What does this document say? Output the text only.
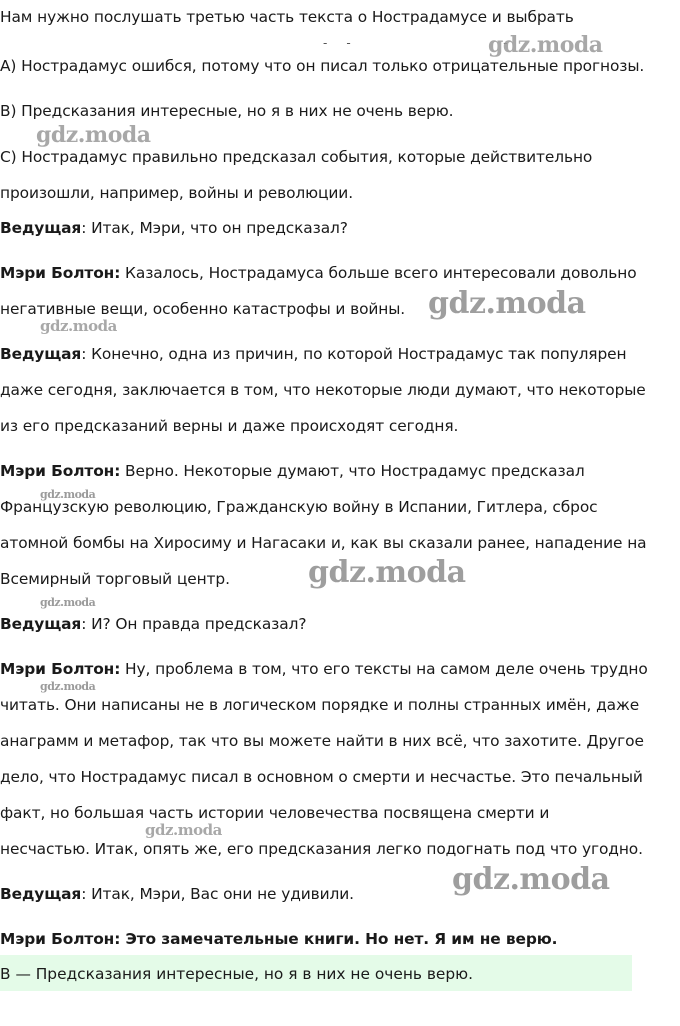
Нам нужно послушать третью часть текста о Нострадамусе и выбрать
-     -                                        -
A) Нострадамус ошибся, потому что он писал только отрицательные прогнозы.
B) Предсказания интересные, но я в них не очень верю.
C) Нострадамус правильно предсказал события, которые действительно
произошли, например, войны и революции.
Ведущая: Итак, Мэри, что он предсказал?
Мэри Болтон: Казалось, Нострадамуса больше всего интересовали довольно
негативные вещи, особенно катастрофы и войны.
Ведущая: Конечно, одна из причин, по которой Нострадамус так популярен
даже сегодня, заключается в том, что некоторые люди думают, что некоторые
из его предсказаний верны и даже происходят сегодня.
Мэри Болтон: Верно. Некоторые думают, что Нострадамус предсказал
Французскую революцию, Гражданскую войну в Испании, Гитлера, сброс
атомной бомбы на Хиросиму и Нагасаки и, как вы сказали ранее, нападение на
Всемирный торговый центр.
Ведущая: И? Он правда предсказал?
Мэри Болтон: Ну, проблема в том, что его тексты на самом деле очень трудно
читать. Они написаны не в логическом порядке и полны странных имён, даже
анаграмм и метафор, так что вы можете найти в них всё, что захотите. Другое
дело, что Нострадамус писал в основном о смерти и несчастье. Это печальный
факт, но большая часть истории человечества посвящена смерти и
несчастью. Итак, опять же, его предсказания легко подогнать под что угодно.
Ведущая: Итак, Мэри, Вас они не удивили.
Мэри Болтон: Это замечательные книги. Но нет. Я им не верю.
B — Предсказания интересные, но я в них не очень верю.
gdz.moda
gdz.moda
gdz.moda
gdz.moda
gdz.moda
gdz.moda
gdz.moda
gdz.moda
gdz.moda
gdz.moda
